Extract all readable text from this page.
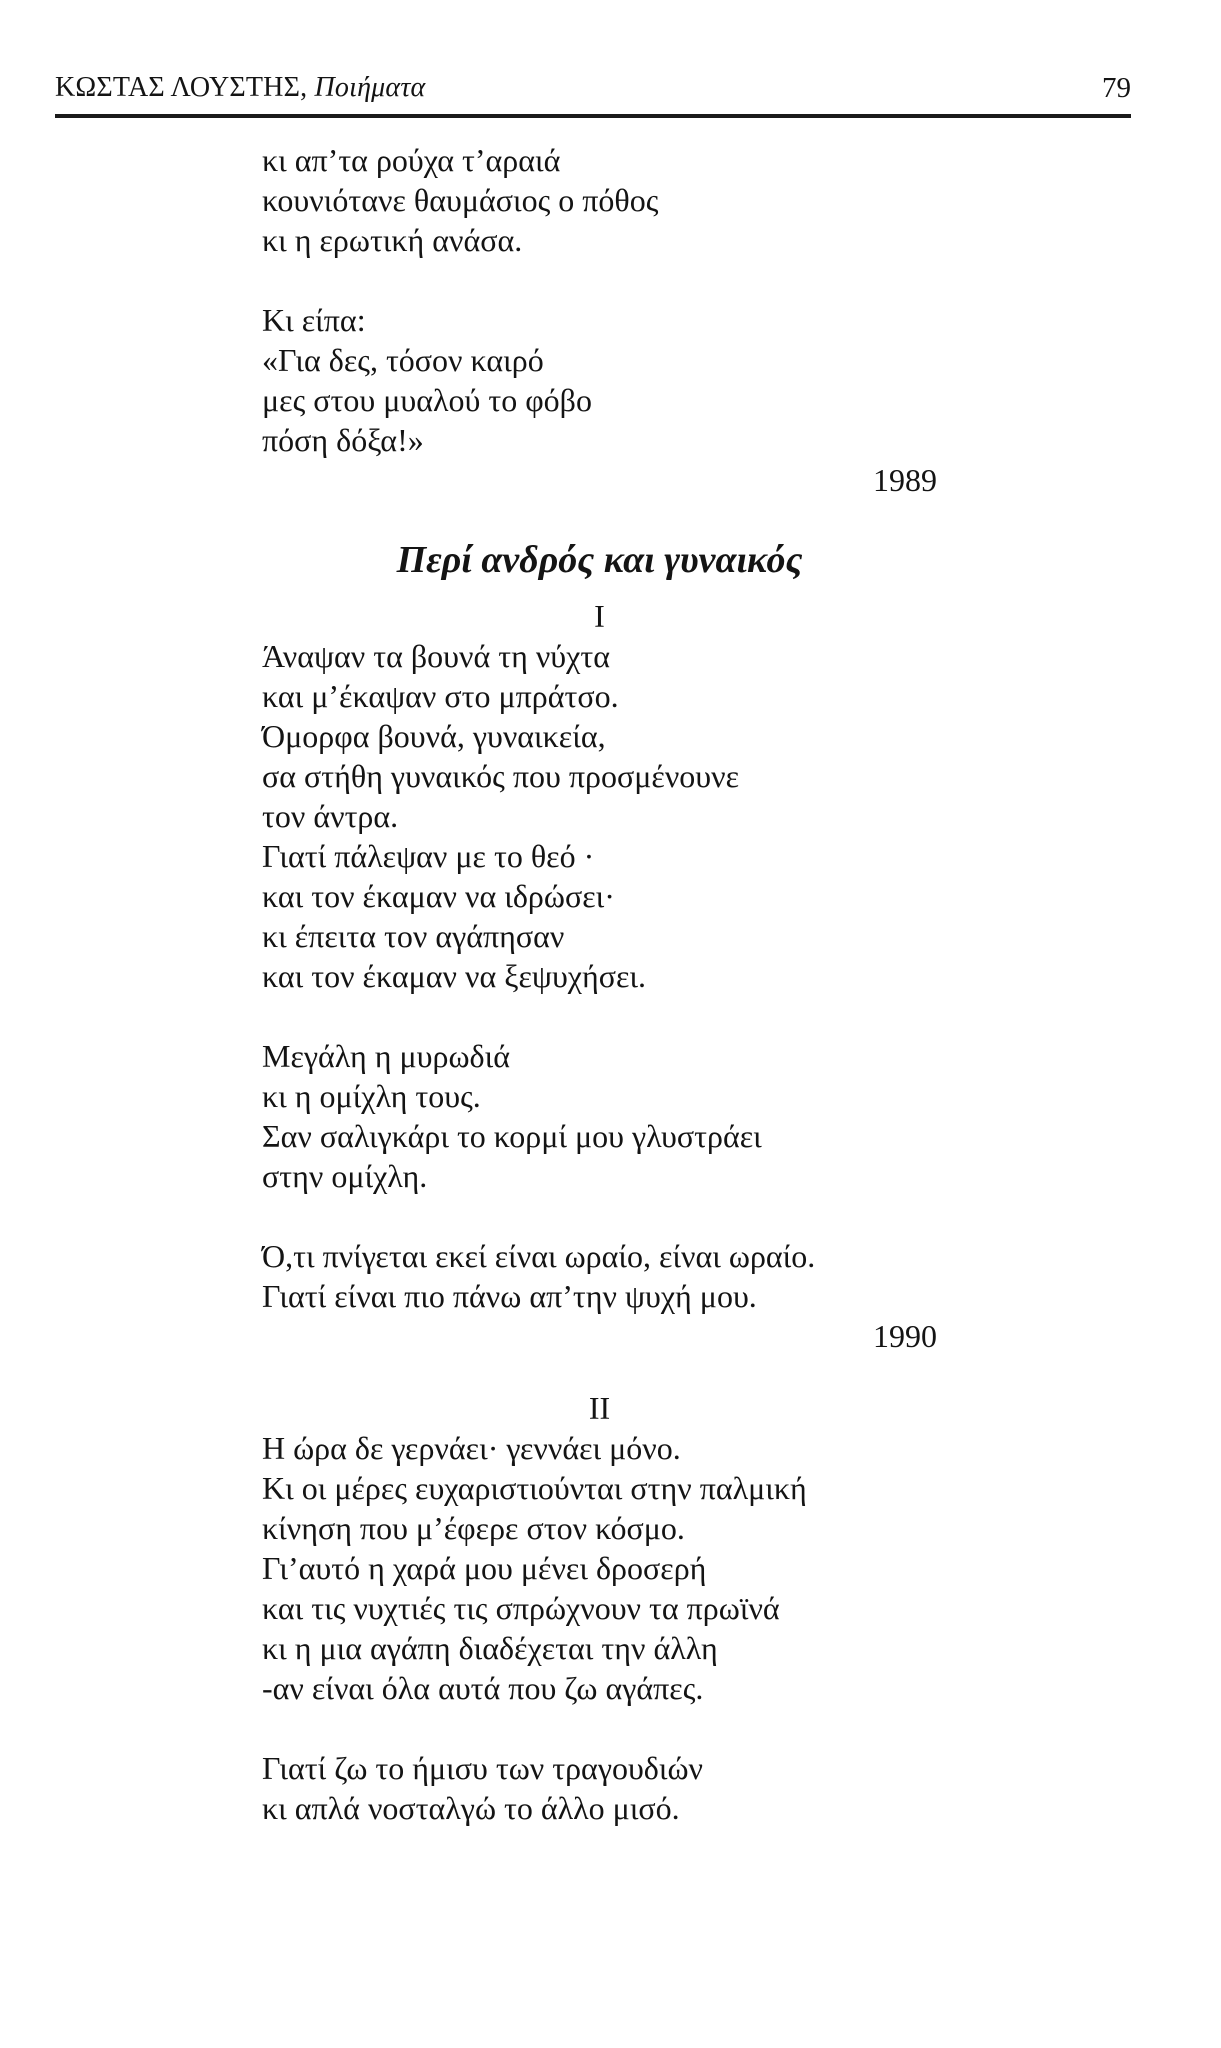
ΚΩΣΤΑΣ ΛΟΥΣΤΗΣ, Ποιήματα	79
κι απ’τα ρούχα τ’αραιά
κουνιότανε θαυμάσιος ο πόθος
κι η ερωτική ανάσα.
Κι είπα:
«Για δες, τόσον καιρό
μες στου μυαλού το φόβο
πόση δόξα!»
1989
Περί ανδρός και γυναικός
Ι
Άναψαν τα βουνά τη νύχτα
και μ’έκαψαν στο μπράτσο.
Όμορφα βουνά, γυναικεία,
σα στήθη γυναικός που προσμένουνε
τον άντρα.
Γιατί πάλεψαν με το θεό ·
και τον έκαμαν να ιδρώσει·
κι έπειτα τον αγάπησαν
και τον έκαμαν να ξεψυχήσει.
Μεγάλη η μυρωδιά
κι η ομίχλη τους.
Σαν σαλιγκάρι το κορμί μου γλυστράει
στην ομίχλη.
Ό,τι πνίγεται εκεί είναι ωραίο, είναι ωραίο.
Γιατί είναι πιο πάνω απ’την ψυχή μου.
1990
ΙΙ
Η ώρα δε γερνάει· γεννάει μόνο.
Κι οι μέρες ευχαριστιούνται στην παλμική
κίνηση που μ’έφερε στον κόσμο.
Γι’αυτό η χαρά μου μένει δροσερή
και τις νυχτιές τις σπρώχνουν τα πρωϊνά
κι η μια αγάπη διαδέχεται την άλλη
-αν είναι όλα αυτά που ζω αγάπες.
Γιατί ζω το ήμισυ των τραγουδιών
κι απλά νοσταλγώ το άλλο μισό.
